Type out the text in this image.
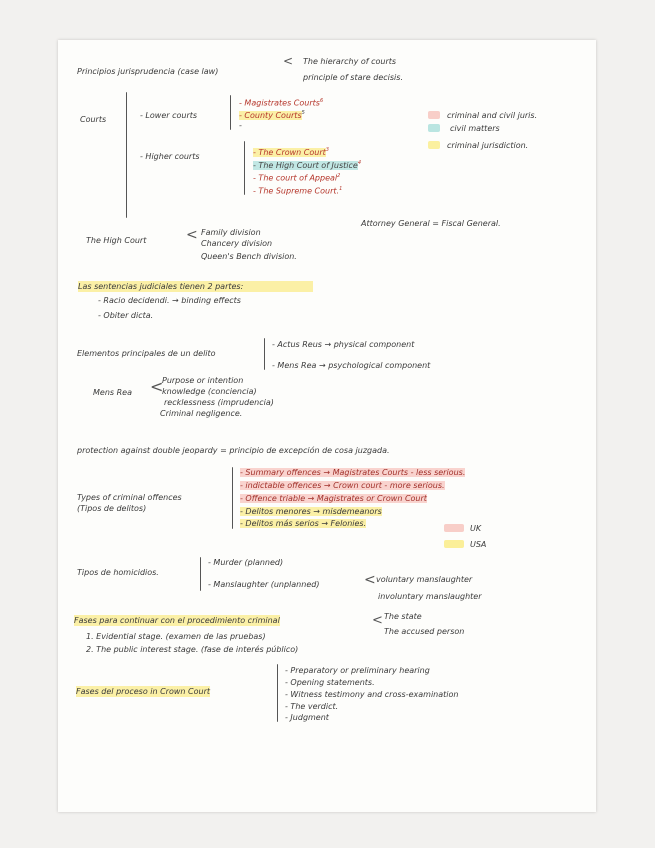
Principios jurisprudencia (case law)
< The hierarchy of courts
principle of stare decisis.
Courts	- Lower courts
- Magistrates Courts$^6$
- County Courts$^5$
-
- Higher courts	- The Crown Court$^3$
- The High Court of Justice$^4$
- The court of Appeal$^2$
- The Supreme Court.$^1$
criminal and civil juris.
civil matters
criminal jurisdiction.
Attorney General = Fiscal General.
The High Court	< Family division
Chancery division
Queen's Bench division.
Las sentencias judiciales tienen 2 partes:
- Racio decidendi. → binding effects
- Obiter dicta.
Elementos principales de un delito
- Actus Reus → physical component
- Mens Rea → psychological component
Mens Rea <
Purpose or intention
knowledge (conciencia)
recklessness (imprudencia)
Criminal negligence.
protection against double jeopardy = principio de excepción de cosa juzgada.
Types of criminal offences
(Tipos de delitos)
- Summary offences → Magistrates Courts - less serious.
- indictable offences → Crown court - more serious.
- Offence triable → Magistrates or Crown Court
- Delitos menores → misdemeanors
- Delitos más serios → Felonies.
UK
USA
Tipos de homicidios.
- Murder (planned)
- Manslaughter (unplanned)	< voluntary manslaughter
involuntary manslaughter
Fases para continuar con el procedimiento criminal	< The state
The accused person
1. Evidential stage. (examen de las pruebas)
2. The public interest stage. (fase de interés público)
Fases del proceso in Crown Court
- Preparatory or preliminary hearing
- Opening statements.
- Witness testimony and cross-examination
- The verdict.
- Judgment
